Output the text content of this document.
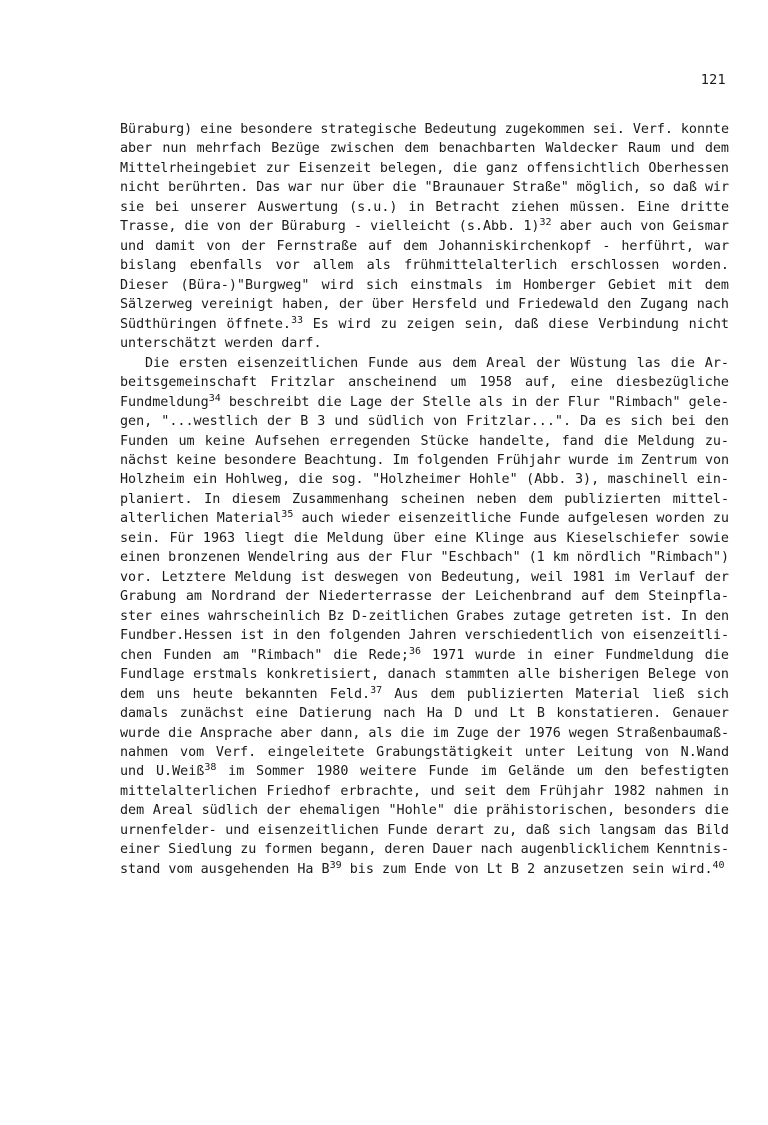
121
Büraburg) eine besondere strategische Bedeutung zugekommen sei. Verf. konnte
aber nun mehrfach Bezüge zwischen dem benachbarten Waldecker Raum und dem
Mittelrheingebiet zur Eisenzeit belegen, die ganz offensichtlich Oberhessen
nicht berührten. Das war nur über die "Braunauer Straße" möglich, so daß wir
sie bei unserer Auswertung (s.u.) in Betracht ziehen müssen. Eine dritte
Trasse, die von der Büraburg - vielleicht (s.Abb. 1)$^{32}$ aber auch von Geismar
und damit von der Fernstraße auf dem Johanniskirchenkopf - herführt, war
bislang ebenfalls vor allem als frühmittelalterlich erschlossen worden.
Dieser (Büra-)"Burgweg" wird sich einstmals im Homberger Gebiet mit dem
Sälzerweg vereinigt haben, der über Hersfeld und Friedewald den Zugang nach
Südthüringen öffnete.$^{33}$ Es wird zu zeigen sein, daß diese Verbindung nicht
unterschätzt werden darf.
Die ersten eisenzeitlichen Funde aus dem Areal der Wüstung las die Ar-
beitsgemeinschaft Fritzlar anscheinend um 1958 auf, eine diesbezügliche
Fundmeldung$^{34}$ beschreibt die Lage der Stelle als in der Flur "Rimbach" gele-
gen, "...westlich der B 3 und südlich von Fritzlar...". Da es sich bei den
Funden um keine Aufsehen erregenden Stücke handelte, fand die Meldung zu-
nächst keine besondere Beachtung. Im folgenden Frühjahr wurde im Zentrum von
Holzheim ein Hohlweg, die sog. "Holzheimer Hohle" (Abb. 3), maschinell ein-
planiert. In diesem Zusammenhang scheinen neben dem publizierten mittel-
alterlichen Material$^{35}$ auch wieder eisenzeitliche Funde aufgelesen worden zu
sein. Für 1963 liegt die Meldung über eine Klinge aus Kieselschiefer sowie
einen bronzenen Wendelring aus der Flur "Eschbach" (1 km nördlich "Rimbach")
vor. Letztere Meldung ist deswegen von Bedeutung, weil 1981 im Verlauf der
Grabung am Nordrand der Niederterrasse der Leichenbrand auf dem Steinpfla-
ster eines wahrscheinlich Bz D-zeitlichen Grabes zutage getreten ist. In den
Fundber.Hessen ist in den folgenden Jahren verschiedentlich von eisenzeitli-
chen Funden am "Rimbach" die Rede;$^{36}$ 1971 wurde in einer Fundmeldung die
Fundlage erstmals konkretisiert, danach stammten alle bisherigen Belege von
dem uns heute bekannten Feld.$^{37}$ Aus dem publizierten Material ließ sich
damals zunächst eine Datierung nach Ha D und Lt B konstatieren. Genauer
wurde die Ansprache aber dann, als die im Zuge der 1976 wegen Straßenbaumaß-
nahmen vom Verf. eingeleitete Grabungstätigkeit unter Leitung von N.Wand
und U.Weiß$^{38}$ im Sommer 1980 weitere Funde im Gelände um den befestigten
mittelalterlichen Friedhof erbrachte, und seit dem Frühjahr 1982 nahmen in
dem Areal südlich der ehemaligen "Hohle" die prähistorischen, besonders die
urnenfelder- und eisenzeitlichen Funde derart zu, daß sich langsam das Bild
einer Siedlung zu formen begann, deren Dauer nach augenblicklichem Kenntnis-
stand vom ausgehenden Ha $B^{39}$ bis zum Ende von Lt B 2 anzusetzen sein wird.$^{40}$
